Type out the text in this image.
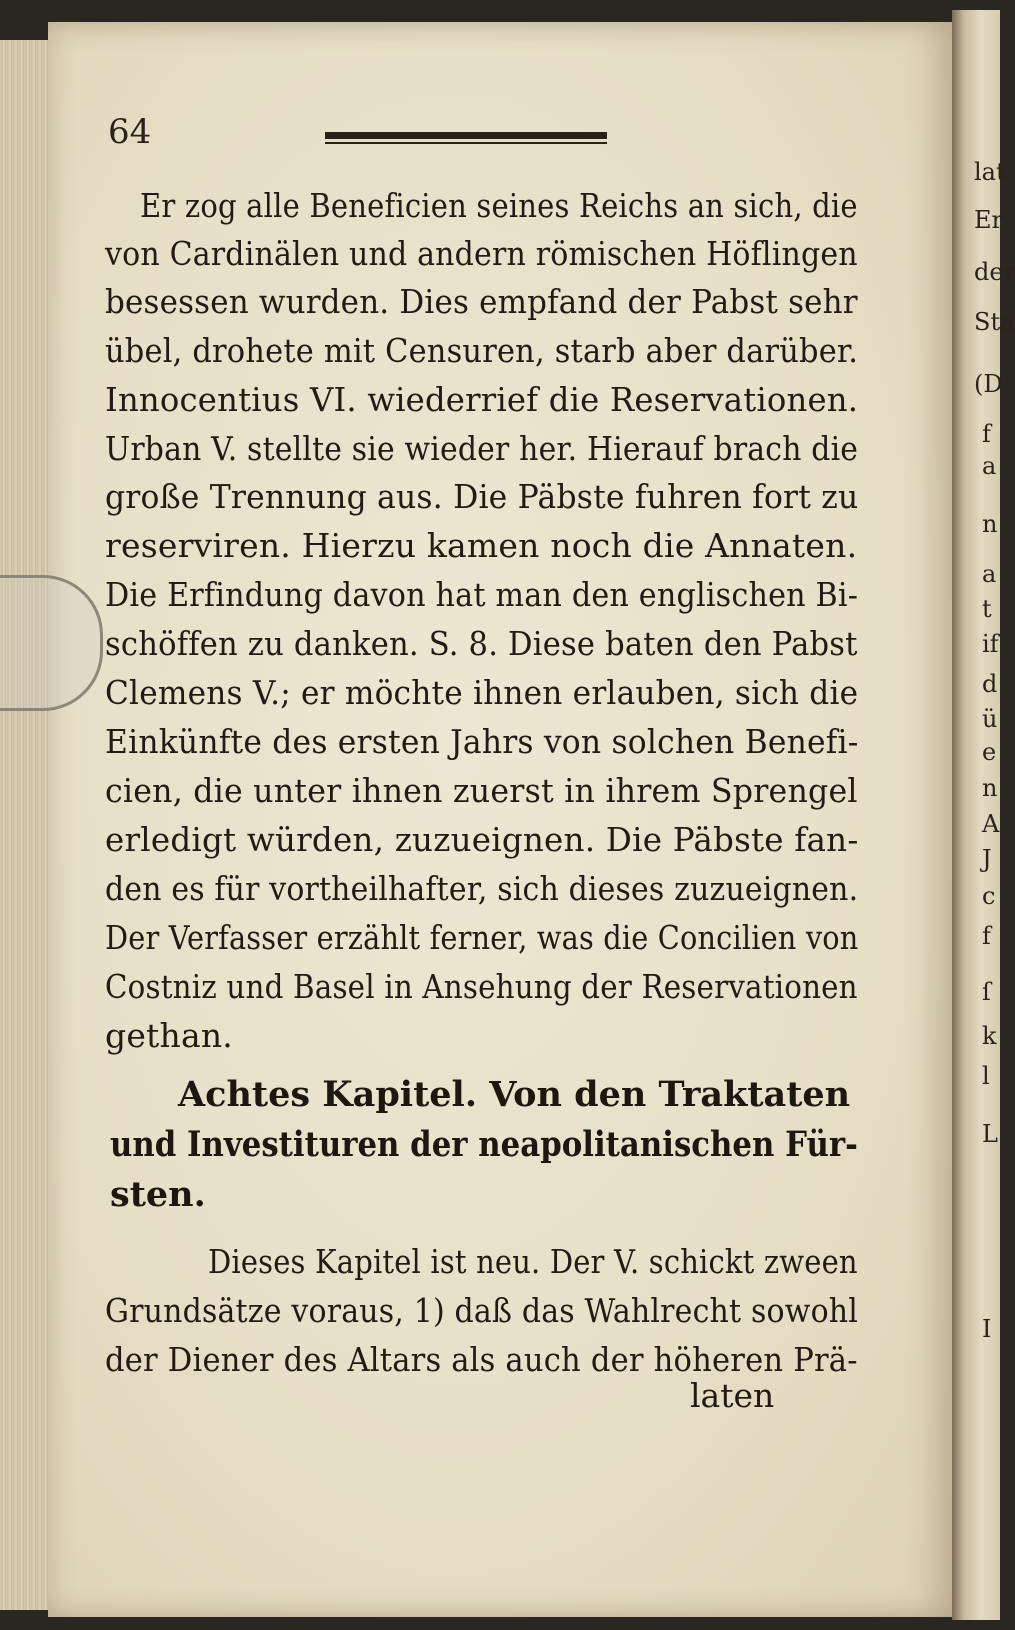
lat
Er
der
Sta
(D
f
a
n
a
t
if
d
ü
e
n
A
J
c
f
ſ
k
l
L
I
64
Er zog alle Beneficien seines Reichs an sich, die
von Cardinälen und andern römischen Höflingen
besessen wurden. Dies empfand der Pabst sehr
übel, drohete mit Censuren, starb aber darüber.
Innocentius VI. wiederrief die Reservationen.
Urban V. stellte sie wieder her. Hierauf brach die
große Trennung aus. Die Päbste fuhren fort zu
reserviren. Hierzu kamen noch die Annaten.
Die Erfindung davon hat man den englischen Bi-
schöffen zu danken. S. 8. Diese baten den Pabst
Clemens V.; er möchte ihnen erlauben, sich die
Einkünfte des ersten Jahrs von solchen Benefi-
cien, die unter ihnen zuerst in ihrem Sprengel
erledigt würden, zuzueignen. Die Päbste fan-
den es für vortheilhafter, sich dieses zuzueignen.
Der Verfasser erzählt ferner, was die Concilien von
Costniz und Basel in Ansehung der Reservationen
gethan.
Achtes Kapitel. Von den Traktaten
und Investituren der neapolitanischen Für-
sten.
Dieses Kapitel ist neu. Der V. schickt zween
Grundsätze voraus, 1) daß das Wahlrecht sowohl
der Diener des Altars als auch der höheren Prä-
laten
